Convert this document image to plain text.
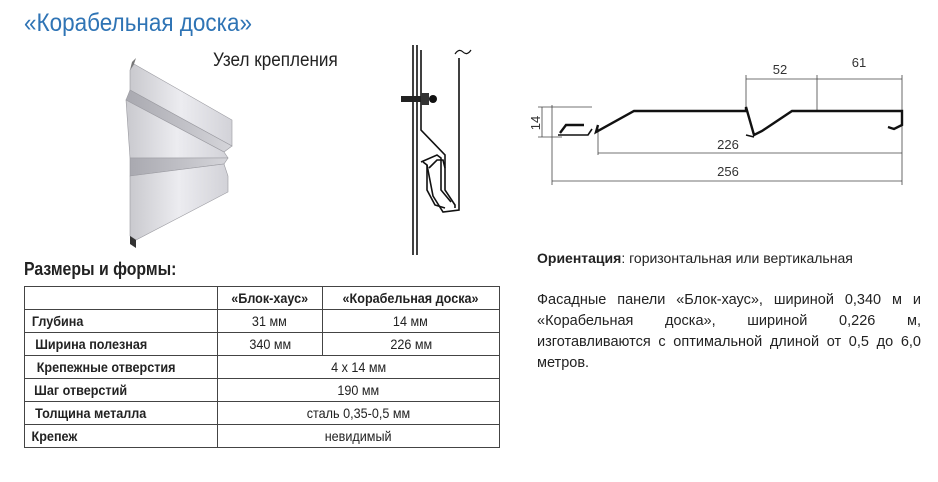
«Корабельная доска»
Узел крепления	52	61
226
256
14
Размеры и формы:
	«Блок-хаус»	«Корабельная доска»
Глубина	31 мм	14 мм
Ширина полезная	340 мм	226 мм
Крепежные отверстия	4 х 14 мм	
Шаг отверстий	190 мм	
Толщина металла	сталь 0,35-0,5 мм	
Крепеж	невидимый	
Ориентация: горизонтальная или вертикальная
Фасадные панели «Блок-хаус», шириной 0,340 м и «Корабельная доска», шириной 0,226 м, изготавливаются с оптимальной длиной от 0,5 до 6,0 метров.
